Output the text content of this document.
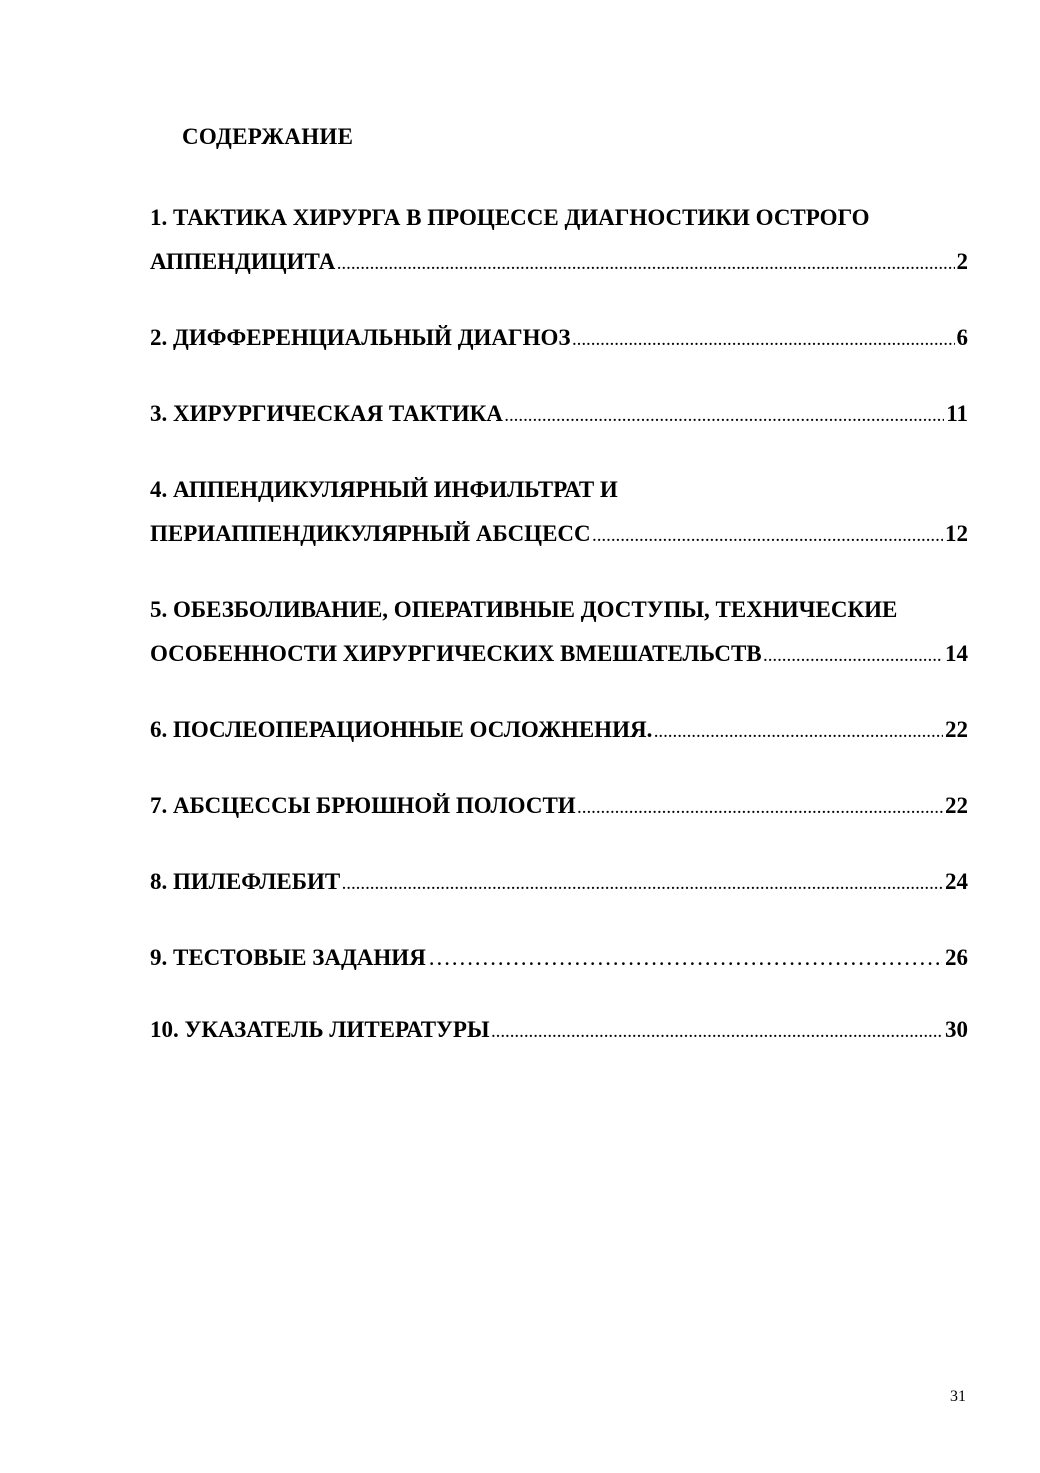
СОДЕРЖАНИЕ
1. ТАКТИКА ХИРУРГА В ПРОЦЕССЕ ДИАГНОСТИКИ ОСТРОГО
АППЕНДИЦИТА .....	2
2. ДИФФЕРЕНЦИАЛЬНЫЙ ДИАГНОЗ .....	6
3. ХИРУРГИЧЕСКАЯ ТАКТИКА .....	11
4. АППЕНДИКУЛЯРНЫЙ ИНФИЛЬТРАТ И
ПЕРИАППЕНДИКУЛЯРНЫЙ АБСЦЕСС .....	12
5. ОБЕЗБОЛИВАНИЕ, ОПЕРАТИВНЫЕ ДОСТУПЫ, ТЕХНИЧЕСКИЕ
ОСОБЕННОСТИ ХИРУРГИЧЕСКИХ ВМЕШАТЕЛЬСТВ .....	14
6. ПОСЛЕОПЕРАЦИОННЫЕ ОСЛОЖНЕНИЯ. .....	22
7. АБСЦЕССЫ БРЮШНОЙ ПОЛОСТИ .....	22
8. ПИЛЕФЛЕБИТ .....	24
9. ТЕСТОВЫЕ ЗАДАНИЯ ………………………………………………………………………………………………………………………………………………………	26
10. УКАЗАТЕЛЬ ЛИТЕРАТУРЫ .....	30
31
